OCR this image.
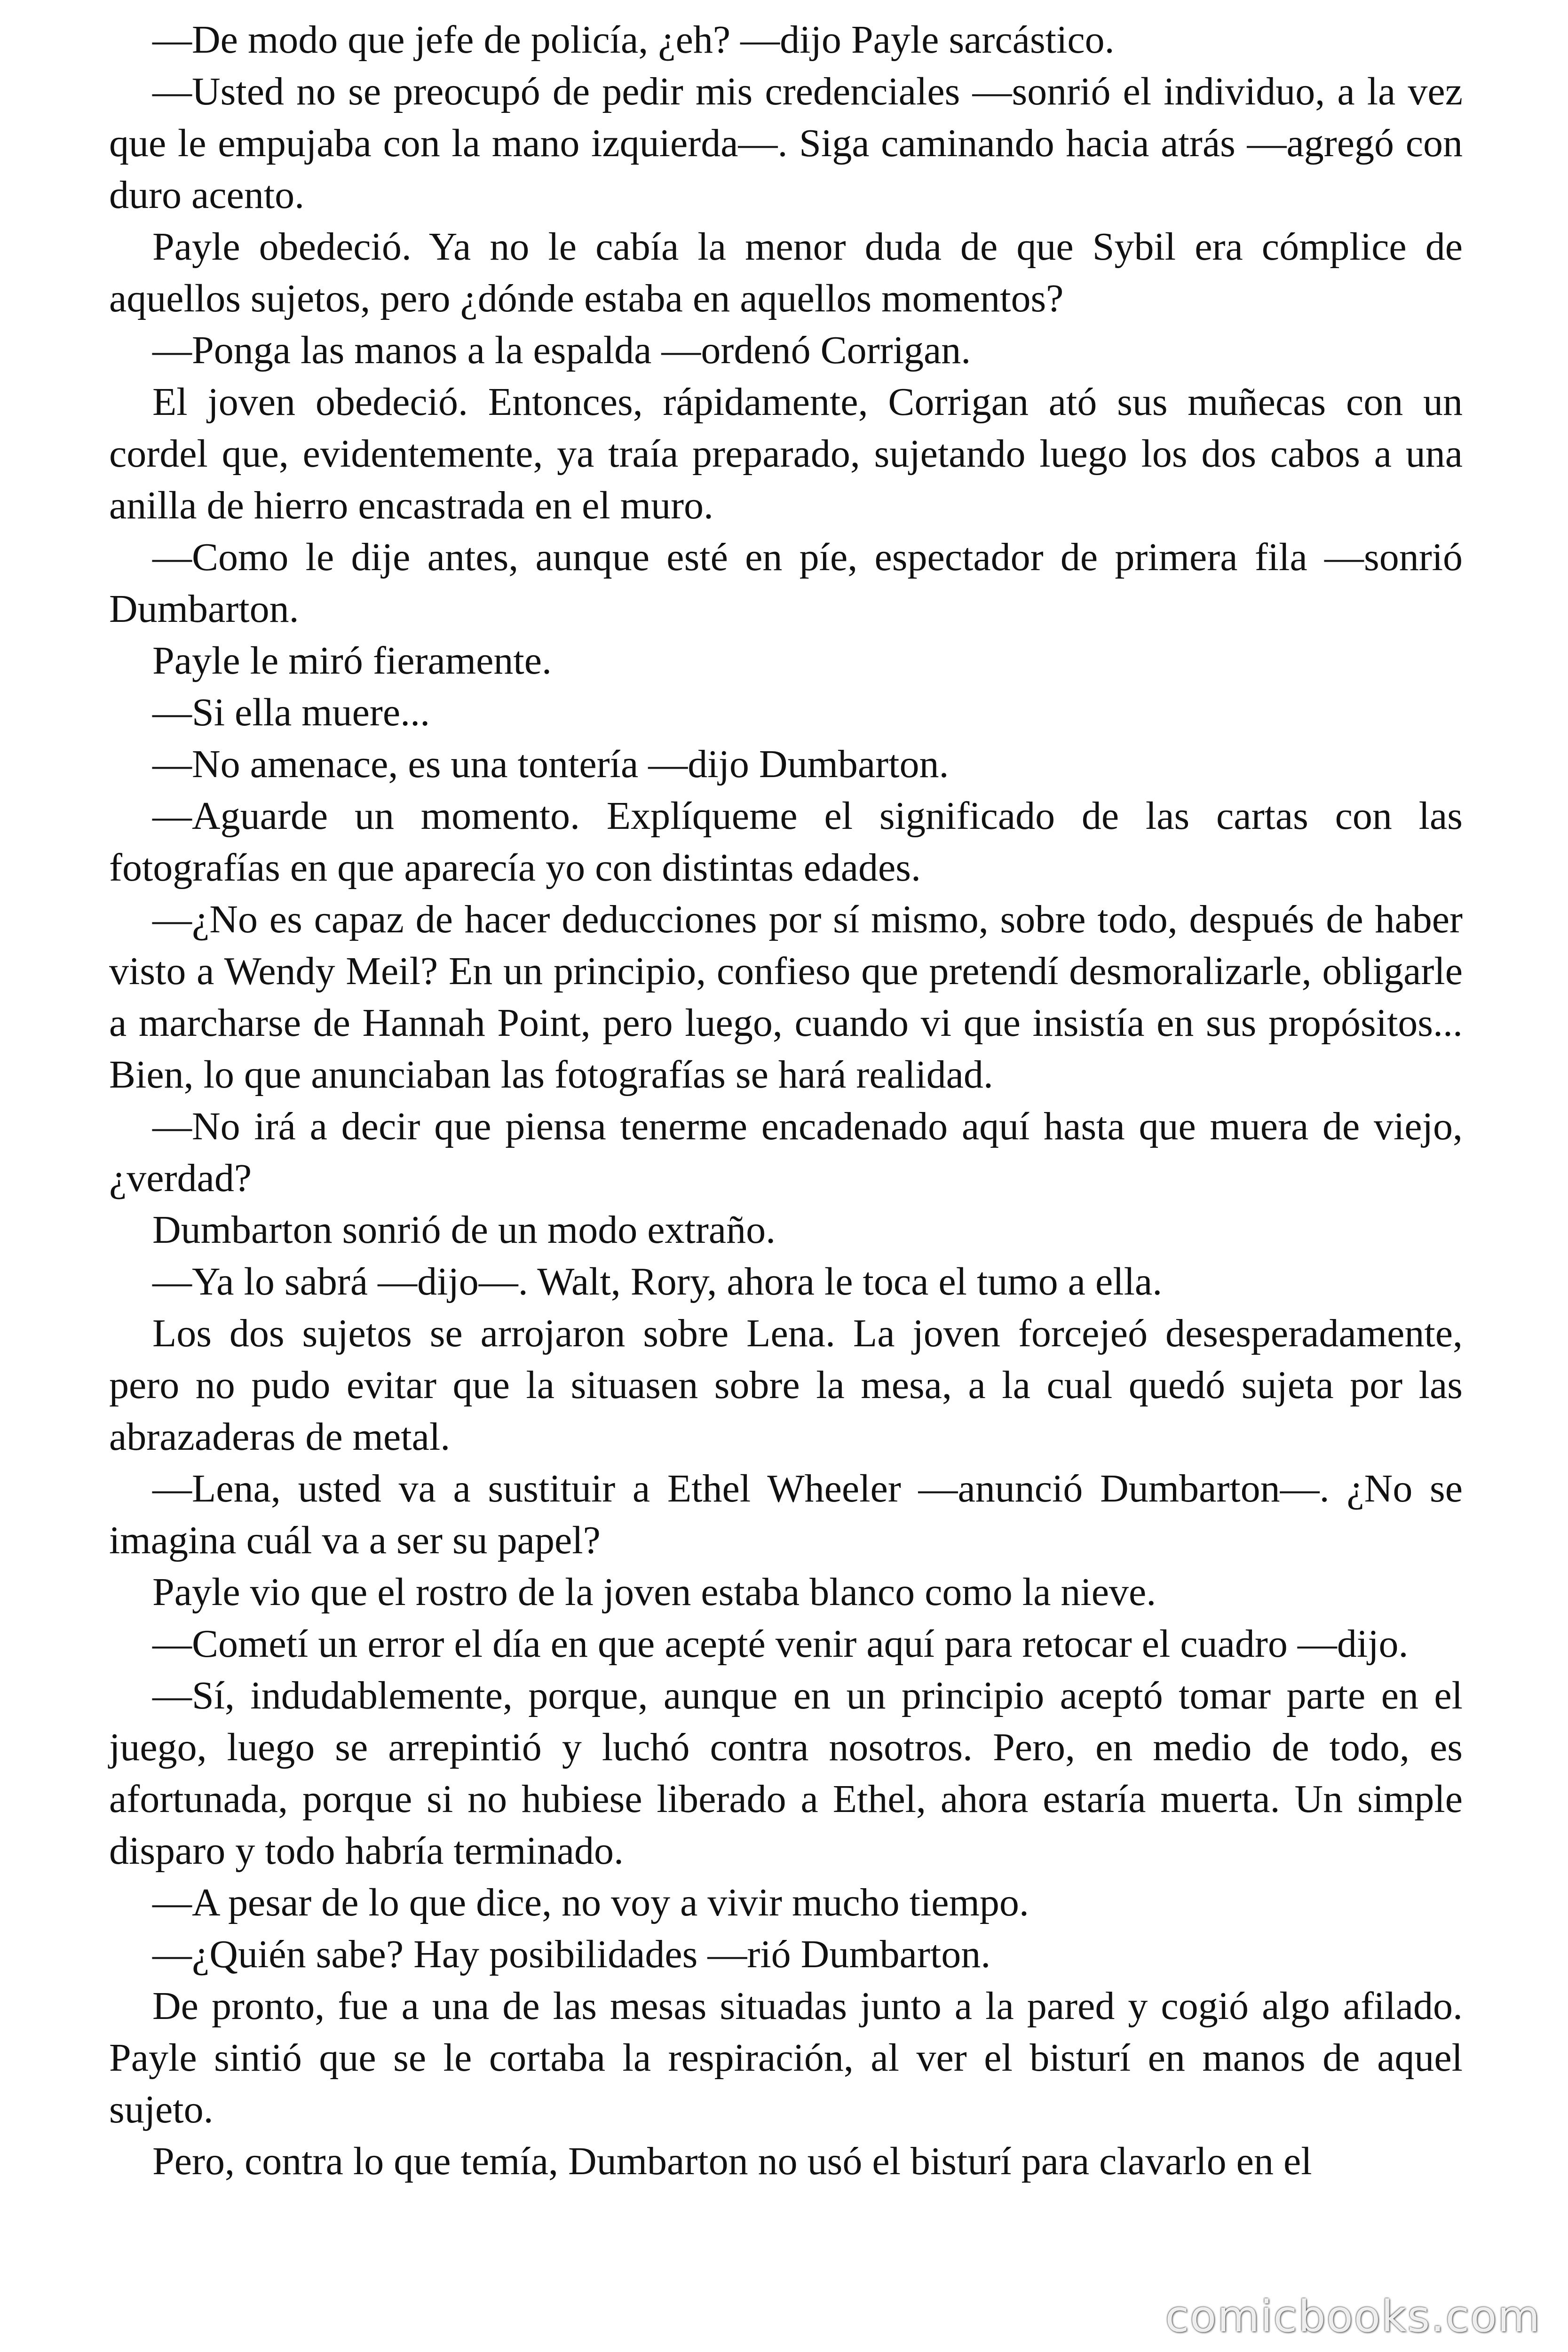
—De modo que jefe de policía, ¿eh? —dijo Payle sarcástico.

—Usted no se preocupó de pedir mis credenciales —sonrió el individuo, a la vez que le empujaba con la mano izquierda—. Siga caminando hacia atrás —agregó con duro acento.

Payle obedeció. Ya no le cabía la menor duda de que Sybil era cómplice de aquellos sujetos, pero ¿dónde estaba en aquellos momentos?

—Ponga las manos a la espalda —ordenó Corrigan.

El joven obedeció. Entonces, rápidamente, Corrigan ató sus muñecas con un cordel que, evidentemente, ya traía preparado, sujetando luego los dos cabos a una anilla de hierro encastrada en el muro.

—Como le dije antes, aunque esté en píe, espectador de primera fila —sonrió Dumbarton.

Payle le miró fieramente.

—Si ella muere...

—No amenace, es una tontería —dijo Dumbarton.

—Aguarde un momento. Explíqueme el significado de las cartas con las fotografías en que aparecía yo con distintas edades.

—¿No es capaz de hacer deducciones por sí mismo, sobre todo, después de haber visto a Wendy Meil? En un principio, confieso que pretendí desmoralizarle, obligarle a marcharse de Hannah Point, pero luego, cuando vi que insistía en sus propósitos... Bien, lo que anunciaban las fotografías se hará realidad.

—No irá a decir que piensa tenerme encadenado aquí hasta que muera de viejo, ¿verdad?

Dumbarton sonrió de un modo extraño.

—Ya lo sabrá —dijo—. Walt, Rory, ahora le toca el tumo a ella.

Los dos sujetos se arrojaron sobre Lena. La joven forcejeó desesperadamente, pero no pudo evitar que la situasen sobre la mesa, a la cual quedó sujeta por las abrazaderas de metal.

—Lena, usted va a sustituir a Ethel Wheeler —anunció Dumbarton—. ¿No se imagina cuál va a ser su papel?

Payle vio que el rostro de la joven estaba blanco como la nieve.

—Cometí un error el día en que acepté venir aquí para retocar el cuadro —dijo.

—Sí, indudablemente, porque, aunque en un principio aceptó tomar parte en el juego, luego se arrepintió y luchó contra nosotros. Pero, en medio de todo, es afortunada, porque si no hubiese liberado a Ethel, ahora estaría muerta. Un simple disparo y todo habría terminado.

—A pesar de lo que dice, no voy a vivir mucho tiempo.

—¿Quién sabe? Hay posibilidades —rió Dumbarton.

De pronto, fue a una de las mesas situadas junto a la pared y cogió algo afilado. Payle sintió que se le cortaba la respiración, al ver el bisturí en manos de aquel sujeto.

Pero, contra lo que temía, Dumbarton no usó el bisturí para clavarlo en el

comicbooks.com
